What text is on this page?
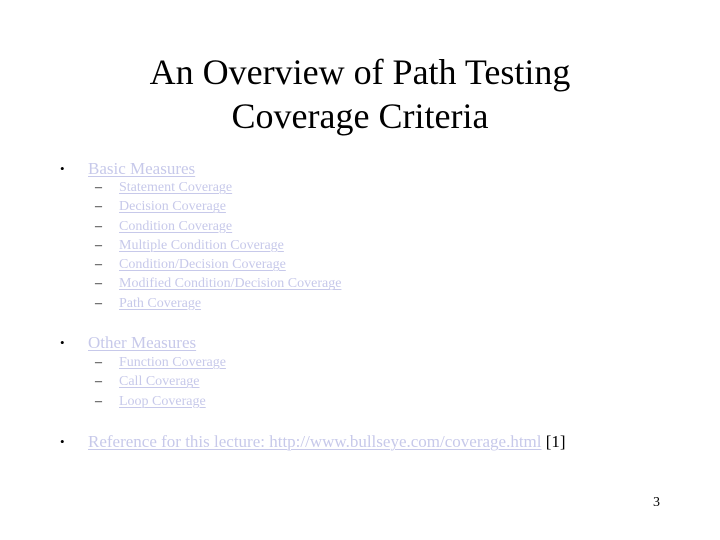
An Overview of Path Testing
Coverage Criteria
•	Basic Measures
– Statement Coverage
– Decision Coverage
– Condition Coverage
– Multiple Condition Coverage
– Condition/Decision Coverage
– Modified Condition/Decision Coverage
– Path Coverage
•	Other Measures
– Function Coverage
– Call Coverage
– Loop Coverage
•	Reference for this lecture: http://www.bullseye.com/coverage.html [1]
3
